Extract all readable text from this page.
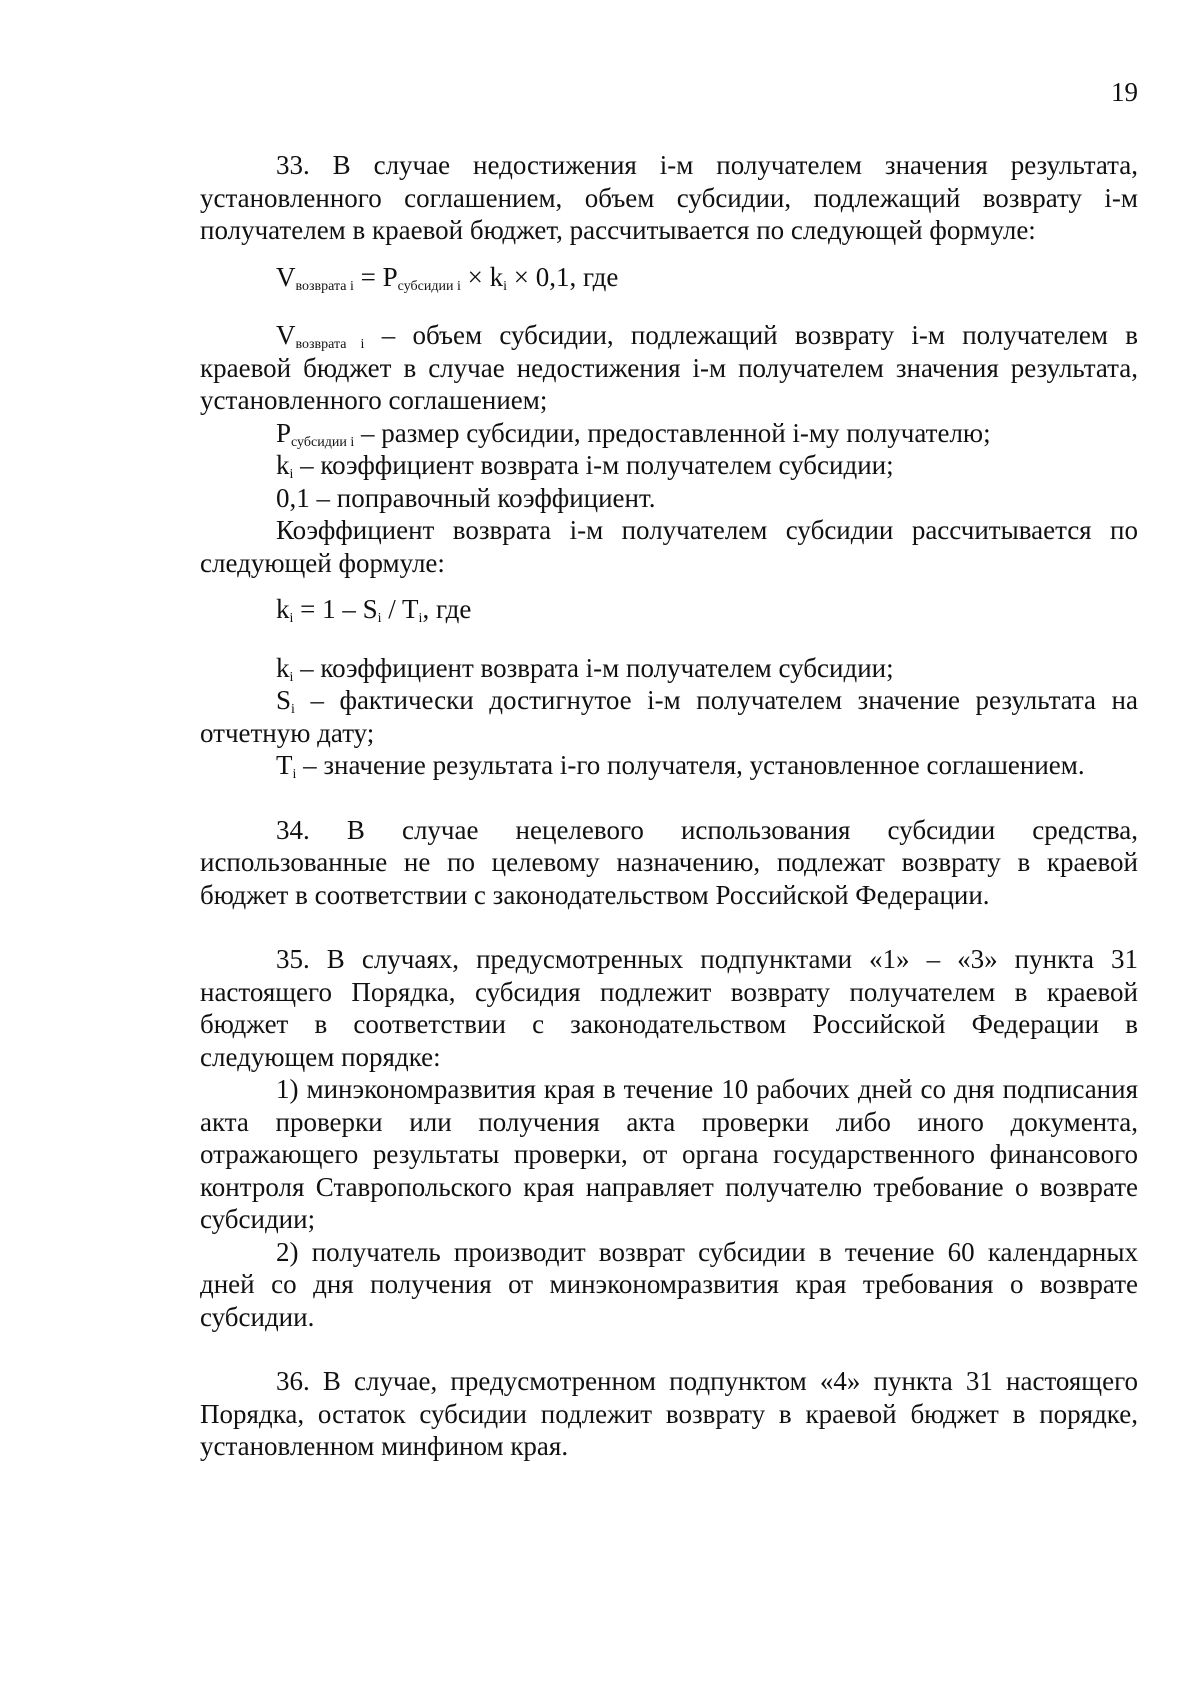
19

33. В случае недостижения i-м получателем значения результата, установленного соглашением, объем субсидии, подлежащий возврату i-м получателем в краевой бюджет, рассчитывается по следующей формуле:

$V_{возврата i} = P_{субсидии i} \times k_i \times 0,1$, где

$V_{возврата i}$ – объем субсидии, подлежащий возврату i-м получателем в краевой бюджет в случае недостижения i-м получателем значения результата, установленного соглашением;

$P_{субсидии i}$ – размер субсидии, предоставленной i-му получателю;

$k_i$ – коэффициент возврата i-м получателем субсидии;

0,1 – поправочный коэффициент.

Коэффициент возврата i-м получателем субсидии рассчитывается по следующей формуле:

$k_i = 1 - S_i / T_i$, где

$k_i$ – коэффициент возврата i-м получателем субсидии;

$S_i$ – фактически достигнутое i-м получателем значение результата на отчетную дату;

$T_i$ – значение результата i-го получателя, установленное соглашением.

34. В случае нецелевого использования субсидии средства, использованные не по целевому назначению, подлежат возврату в краевой бюджет в соответствии с законодательством Российской Федерации.

35. В случаях, предусмотренных подпунктами «1» – «3» пункта 31 настоящего Порядка, субсидия подлежит возврату получателем в краевой бюджет в соответствии с законодательством Российской Федерации в следующем порядке:

1) минэкономразвития края в течение 10 рабочих дней со дня подписания акта проверки или получения акта проверки либо иного документа, отражающего результаты проверки, от органа государственного финансового контроля Ставропольского края направляет получателю требование о возврате субсидии;

2) получатель производит возврат субсидии в течение 60 календарных дней со дня получения от минэкономразвития края требования о возврате субсидии.

36. В случае, предусмотренном подпунктом «4» пункта 31 настоящего Порядка, остаток субсидии подлежит возврату в краевой бюджет в порядке, установленном минфином края.
